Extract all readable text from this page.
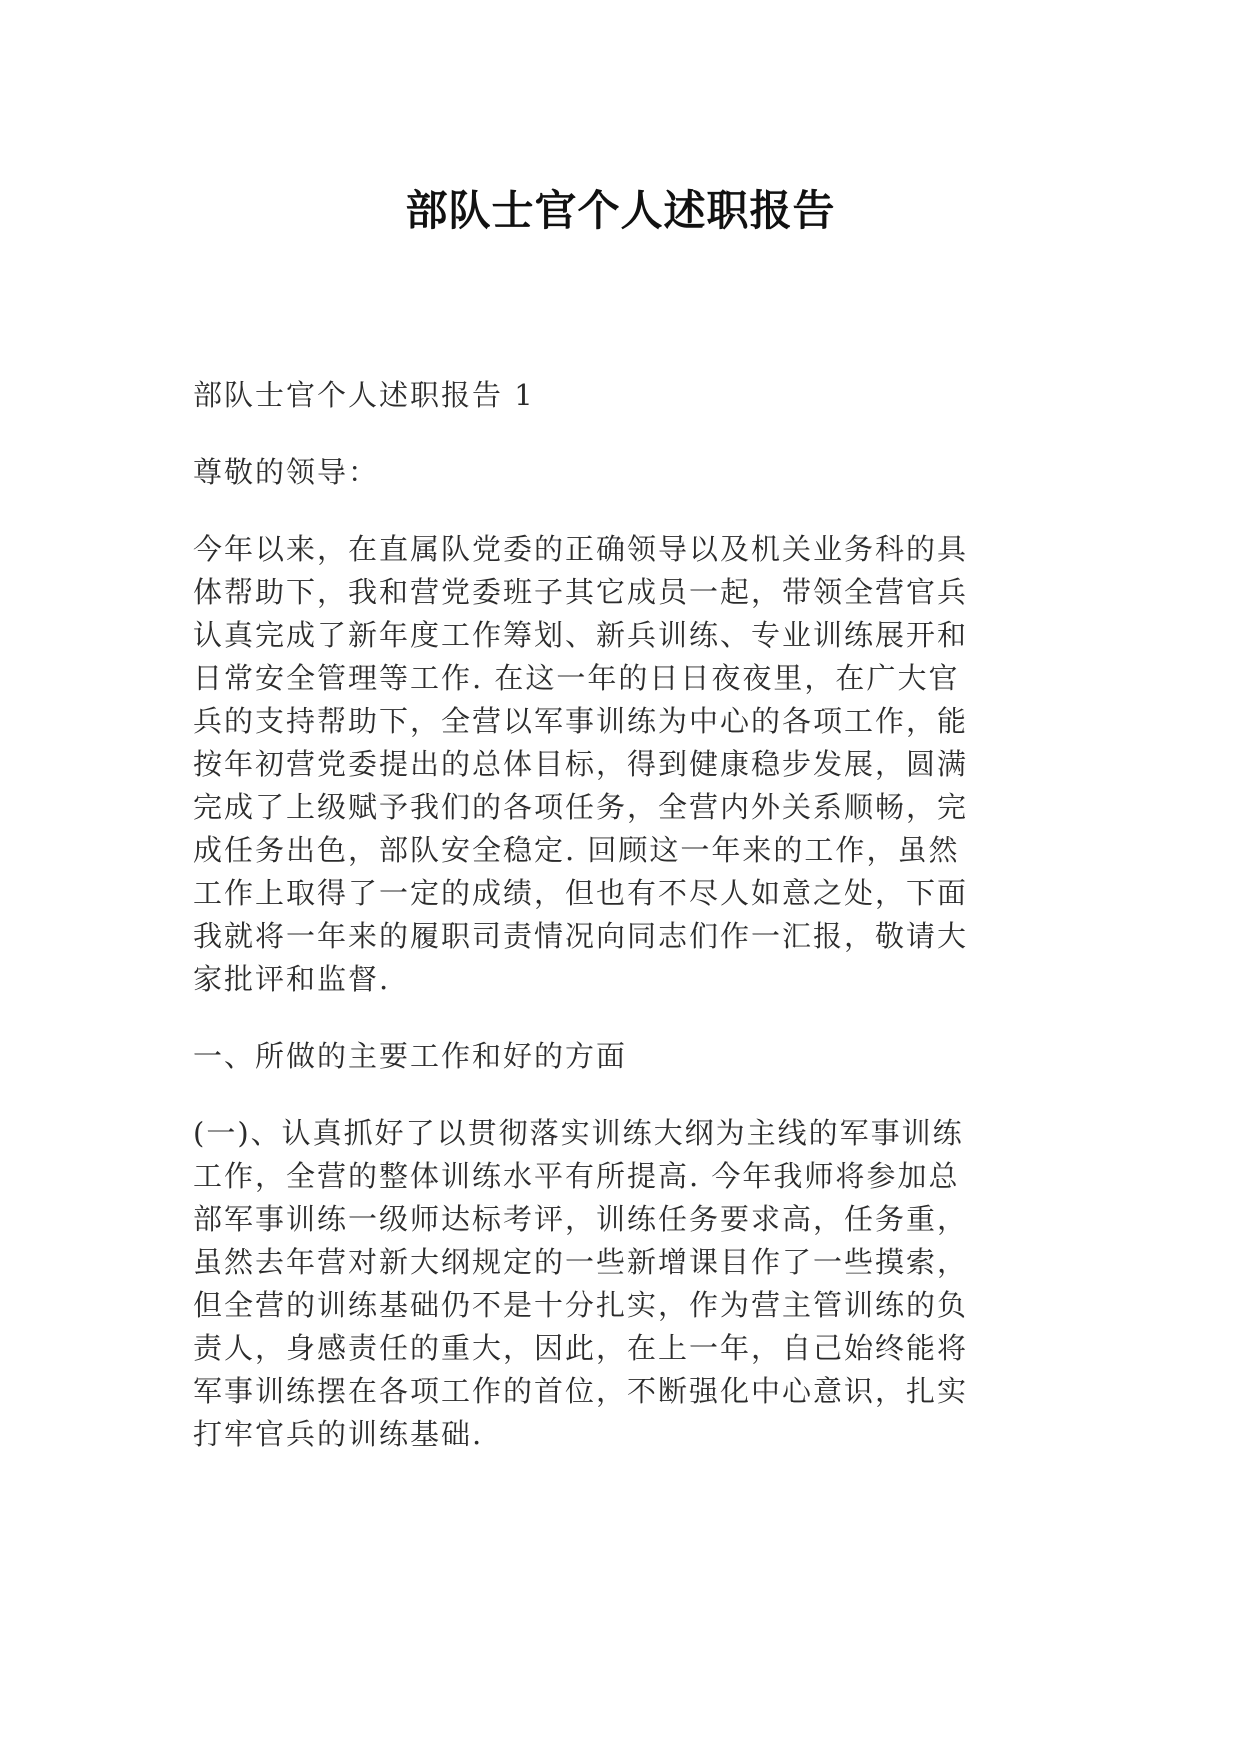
部队士官个人述职报告
部队士官个人述职报告 1
尊敬的领导：
今年以来，在直属队党委的正确领导以及机关业务科的具
体帮助下，我和营党委班子其它成员一起，带领全营官兵
认真完成了新年度工作筹划、新兵训练、专业训练展开和
日常安全管理等工作. 在这一年的日日夜夜里，在广大官
兵的支持帮助下，全营以军事训练为中心的各项工作，能
按年初营党委提出的总体目标，得到健康稳步发展，圆满
完成了上级赋予我们的各项任务，全营内外关系顺畅，完
成任务出色，部队安全稳定. 回顾这一年来的工作，虽然
工作上取得了一定的成绩，但也有不尽人如意之处，下面
我就将一年来的履职司责情况向同志们作一汇报，敬请大
家批评和监督.
一、所做的主要工作和好的方面
(一)、认真抓好了以贯彻落实训练大纲为主线的军事训练
工作，全营的整体训练水平有所提高. 今年我师将参加总
部军事训练一级师达标考评，训练任务要求高，任务重，
虽然去年营对新大纲规定的一些新增课目作了一些摸索，
但全营的训练基础仍不是十分扎实，作为营主管训练的负
责人，身感责任的重大，因此，在上一年，自己始终能将
军事训练摆在各项工作的首位，不断强化中心意识，扎实
打牢官兵的训练基础.
